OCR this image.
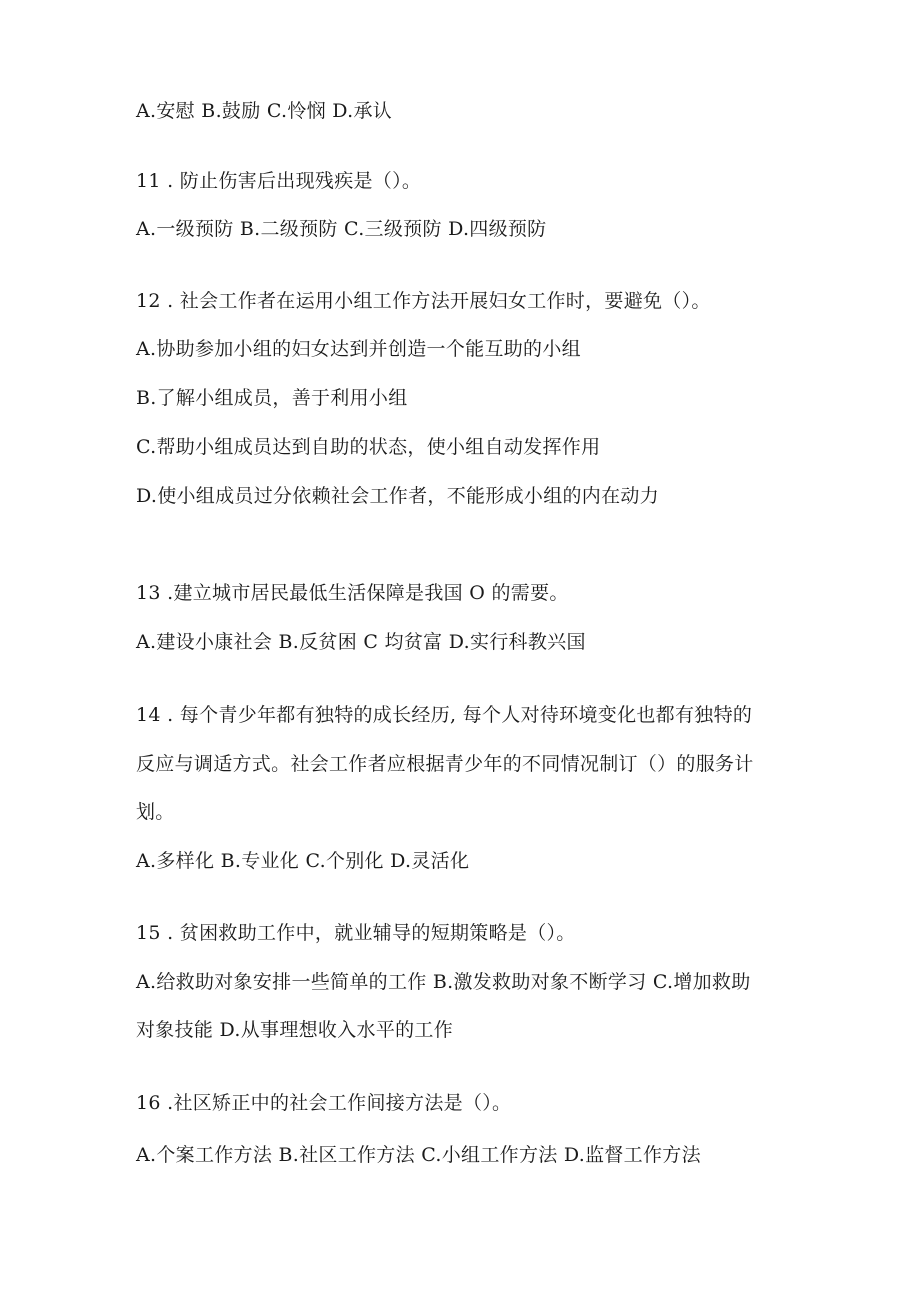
A.安慰 B.鼓励 C.怜悯 D.承认
11 . 防止伤害后出现残疾是（）。
A.一级预防 B.二级预防 C.三级预防 D.四级预防
12 . 社会工作者在运用小组工作方法开展妇女工作时，要避免（）。
A.协助参加小组的妇女达到并创造一个能互助的小组
B.了解小组成员，善于利用小组
C.帮助小组成员达到自助的状态，使小组自动发挥作用
D.使小组成员过分依赖社会工作者，不能形成小组的内在动力
13 .建立城市居民最低生活保障是我国 O 的需要。
A.建设小康社会 B.反贫困 C 均贫富 D.实行科教兴国
14 . 每个青少年都有独特的成长经历, 每个人对待环境变化也都有独特的
反应与调适方式。社会工作者应根据青少年的不同情况制订（）的服务计
划。
A.多样化 B.专业化 C.个别化 D.灵活化
15 . 贫困救助工作中，就业辅导的短期策略是（）。
A.给救助对象安排一些简单的工作 B.激发救助对象不断学习 C.增加救助
对象技能 D.从事理想收入水平的工作
16 .社区矫正中的社会工作间接方法是（）。
A.个案工作方法 B.社区工作方法 C.小组工作方法 D.监督工作方法
